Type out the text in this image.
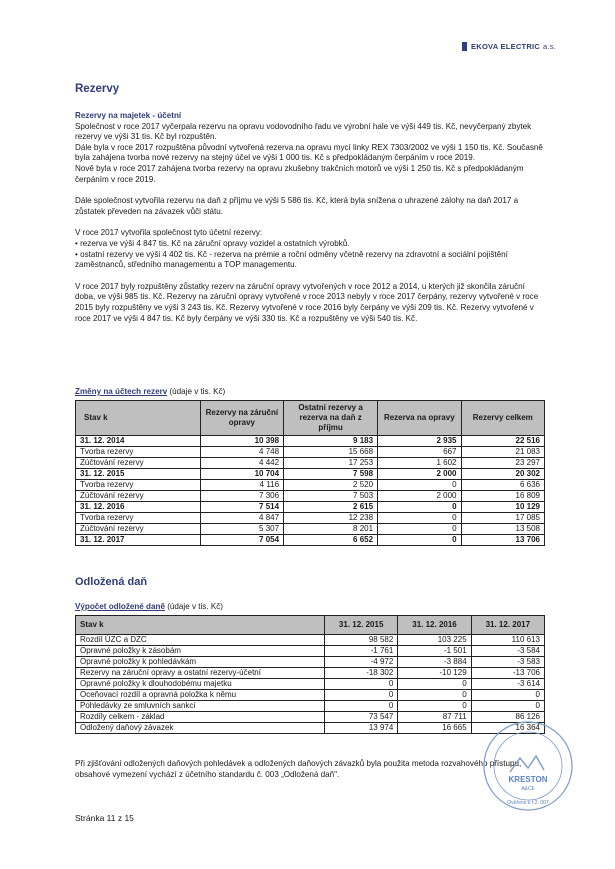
EKOVA ELECTRIC a.s.
Rezervy

Rezervy na majetek - účetní

Společnost v roce 2017 vyčerpala rezervu na opravu vodovodního řadu ve výrobní hale ve výši 449 tis. Kč, nevyčerpaný zbytek rezervy ve výši 31 tis. Kč byl rozpuštěn.

Dále byla v roce 2017 rozpuštěna původní vytvořená rezerva na opravu mycí linky REX 7303/2002 ve výši 1 150 tis. Kč. Současně byla zahájena tvorba nové rezervy na stejný účel ve výši 1 000 tis. Kč s předpokládaným čerpáním v roce 2019.

Nově byla v roce 2017 zahájena tvorba rezervy na opravu zkušebny trakčních motorů ve výši 1 250 tis. Kč s předpokládaným čerpáním v roce 2019.

Dále společnost vytvořila rezervu na daň z příjmu ve výši 5 586 tis. Kč, která byla snížena o uhrazené zálohy na daň 2017 a zůstatek převeden na závazek vůči státu.

V roce 2017 vytvořila společnost tyto účetní rezervy:

• rezerva ve výši 4 847 tis. Kč na záruční opravy vozidel a ostatních výrobků.

• ostatní rezervy ve výši 4 402 tis. Kč - rezerva na prémie a roční odměny včetně rezervy na zdravotní a sociální pojištění zaměstnanců, středního managementu a TOP managementu.

V roce 2017 byly rozpuštěny zůstatky rezerv na záruční opravy vytvořených v roce 2012 a 2014, u kterých již skončila záruční doba, ve výši 985 tis. Kč. Rezervy na záruční opravy vytvořené v roce 2013 nebyly v roce 2017 čerpány, rezervy vytvořené v roce 2015 byly rozpuštěny ve výši 3 243 tis. Kč. Rezervy vytvořené v roce 2016 byly čerpány ve výši 209 tis. Kč. Rezervy vytvořené v roce 2017 ve výši 4 847 tis. Kč byly čerpány ve výši 330 tis. Kč a rozpuštěny ve výši 540 tis. Kč.

Změny na účtech rezerv (údaje v tis. Kč)
Stav k	Rezervy na záruční opravy	Ostatní rezervy a rezerva na daň z příjmu	Rezerva na opravy	Rezervy celkem
31. 12. 2014	10 398	9 183	2 935	22 516
Tvorba rezervy	4 748	15 668	667	21 083
Zúčtování rezervy	4 442	17 253	1 602	23 297
31. 12. 2015	10 704	7 598	2 000	20 302
Tvorba rezervy	4 116	2 520	0	6 636
Zúčtování rezervy	7 306	7 503	2 000	16 809
31. 12. 2016	7 514	2 615	0	10 129
Tvorba rezervy	4 847	12 238	0	17 085
Zúčtování rezervy	5 307	8 201	0	13 508
31. 12. 2017	7 054	6 652	0	13 706
Odložená daň
Výpočet odložené daně (údaje v tis. Kč)
Stav k	31. 12. 2015	31. 12. 2016	31. 12. 2017
Rozdíl ÚZC a DZC	98 582	103 225	110 613
Opravné položky k zásobám	-1 761	-1 501	-3 584
Opravné položky k pohledávkám	-4 972	-3 884	-3 583
Rezervy na záruční opravy a ostatní rezervy-účetní	-18 302	-10 129	-13 706
Opravné položky k dlouhodobému majetku	0	0	-3 614
Oceňovací rozdíl a opravná položka k němu	0	0	0
Pohledávky ze smluvních sankcí	0	0	0
Rozdíly celkem - základ	73 547	87 711	86 126
Odložený daňový závazek	13 974	16 665	16 364

Při zjišťování odložených daňových pohledávek a odložených daňových závazků byla použita metoda rozvahového přístupu, obsahové vymezení vychází z účetního standardu č. 003 „Odložená daň".

Stránka 11 z 15
KRESTON
A&CE
Ověřeno k ř.2. 007
